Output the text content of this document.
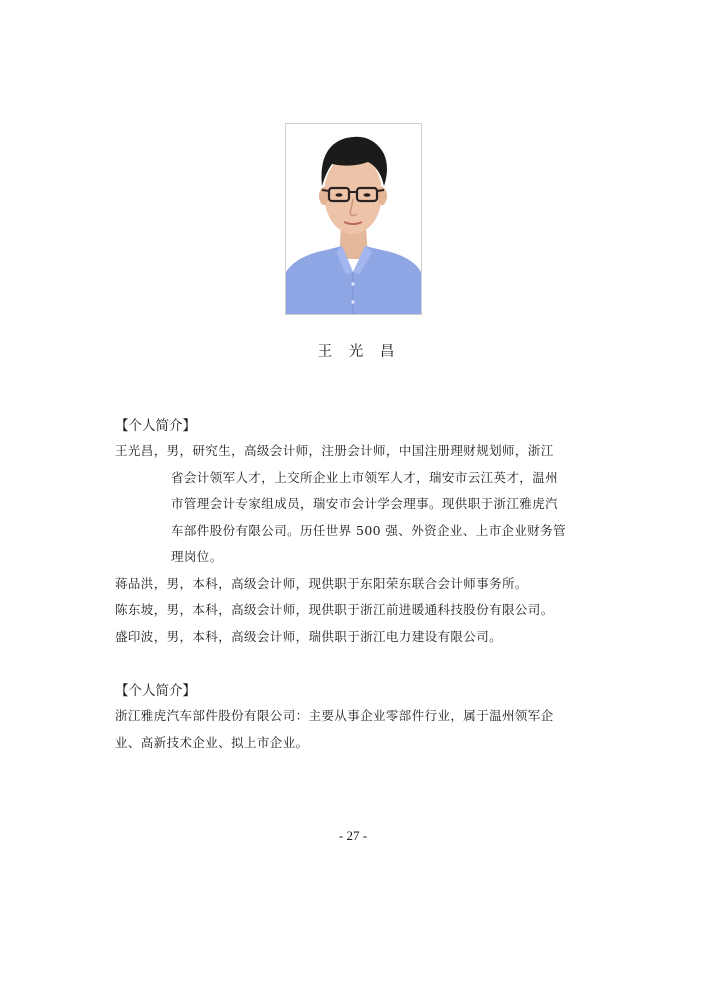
王 光 昌
【个人简介】
王光昌，男，研究生，高级会计师，注册会计师，中国注册理财规划师，浙江
省会计领军人才，上交所企业上市领军人才，瑞安市云江英才，温州
市管理会计专家组成员，瑞安市会计学会理事。现供职于浙江雅虎汽
车部件股份有限公司。历任世界 500 强、外资企业、上市企业财务管
理岗位。
蒋品洪，男，本科，高级会计师，现供职于东阳荣东联合会计师事务所。
陈东坡，男，本科，高级会计师，现供职于浙江前进暖通科技股份有限公司。
盛印波，男，本科，高级会计师，瑞供职于浙江电力建设有限公司。
【个人简介】
浙江雅虎汽车部件股份有限公司：主要从事企业零部件行业，属于温州领军企
业、高新技术企业、拟上市企业。
- 27 -
